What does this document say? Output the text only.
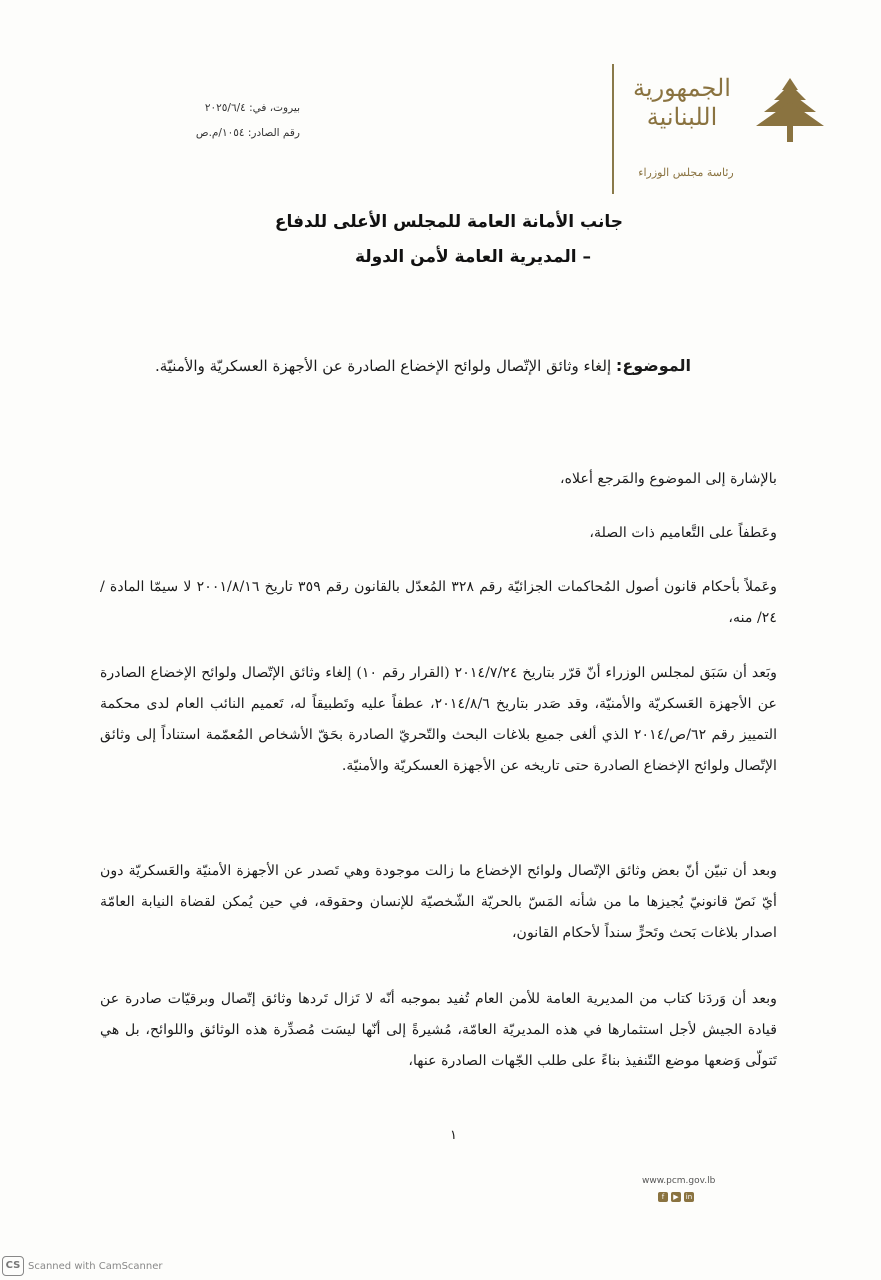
الجمهورية
اللبنانية
رئاسة مجلس الوزراء
بيروت، في: ٢٠٢٥/٦/٤
رقم الصادر: ١٠٥٤/م.ص
جانب الأمانة العامة للمجلس الأعلى للدفاع
– المديرية العامة لأمن الدولة
الموضوع: إلغاء وثائق الإتّصال ولوائح الإخضاع الصادرة عن الأجهزة العسكريّة والأمنيّة.
بالإشارة إلى الموضوع والمَرجع أعلاه،
وعَطفاً على التَّعاميم ذات الصلة،
وعَملاً بأحكام قانون أصول المُحاكمات الجزائيّة رقم ٣٢٨ المُعدّل بالقانون رقم ٣٥٩ تاريخ ٢٠٠١/٨/١٦ لا سيمّا المادة /٢٤/ منه،
وبَعد أن سَبَق لمجلس الوزراء أنّ قرّر بتاريخ ٢٠١٤/٧/٢٤ (القرار رقم ١٠) إلغاء وثائق الإتّصال ولوائح الإخضاع الصادرة عن الأجهزة العَسكريّة والأمنيّة، وقد صَدر بتاريخ ٢٠١٤/٨/٦، عطفاً عليه وتَطبيقاً له، تَعميم النائب العام لدى محكمة التمييز رقم ٦٢/ص/٢٠١٤ الذي ألغى جميع بلاغات البحث والتّحريّ الصادرة بحَقّ الأشخاص المُعمّمة استناداً إلى وثائق الإتّصال ولوائح الإخضاع الصادرة حتى تاريخه عن الأجهزة العسكريّة والأمنيّة.
وبعد أن تبيّن أنّ بعض وثائق الإتّصال ولوائح الإخضاع ما زالت موجودة وهي تَصدر عن الأجهزة الأمنيّة والعَسكريّة دون أيّ نَصّ قانونيّ يُجيزها ما من شأنه المَسّ بالحريّة الشّخصيّة للإنسان وحقوقه، في حين يُمكن لقضاة النيابة العامّة اصدار بلاغات بَحث وتَحرٍّ سنداً لأحكام القانون،
وبعد أن وَردَنا كتاب من المديرية العامة للأمن العام تُفيد بموجبه أنّه لا تَزال تَردها وثائق إتّصال وبرقيّات صادرة عن قيادة الجيش لأجل استثمارها في هذه المديريّة العامّة، مُشيرةً إلى أنّها ليسَت مُصدِّرة هذه الوثائق واللوائح، بل هي تَتولّى وَضعها موضع التّنفيذ بناءً على طلب الجّهات الصادرة عنها،
١
www.pcm.gov.lb
f	▶	in
CS Scanned with CamScanner
